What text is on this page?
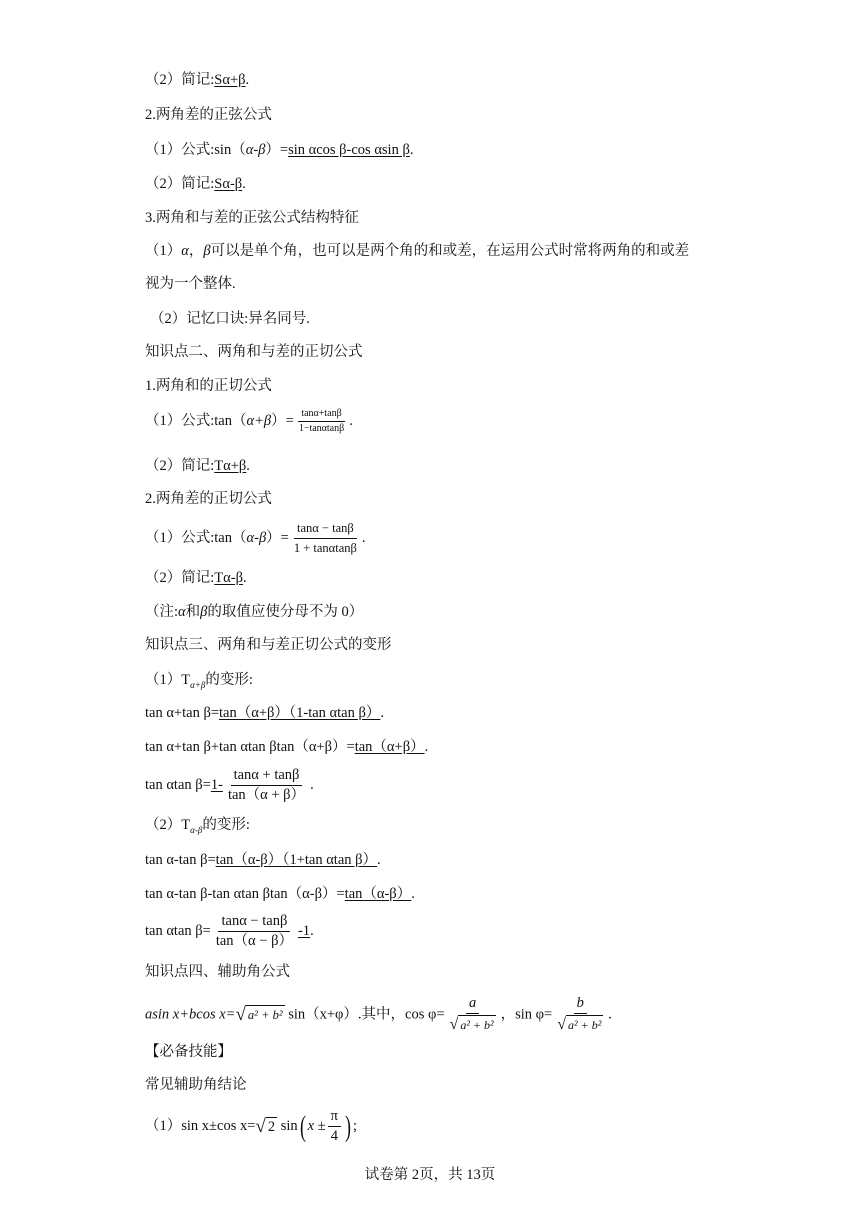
（2）简记:Sα+β.
2.两角差的正弦公式
（1）公式:sin（α-β）=sin αcos β-cos αsin β.
（2）简记:Sα-β.
3.两角和与差的正弦公式结构特征
（1）α，β可以是单个角，也可以是两个角的和或差，在运用公式时常将两角的和或差
视为一个整体.
（2）记忆口诀:异名同号.
知识点二、两角和与差的正切公式
1.两角和的正切公式
（1）公式:tan（α+β）= $\frac{\tan\alpha+\tan\beta}{1-\tan\alpha\tan\beta}$ .
（2）简记:Tα+β.
2.两角差的正切公式
（1）公式:tan（α-β）= $\frac{\tan\alpha - \tan\beta}{1 + \tan\alpha\tan\beta}$ .
（2）简记:Tα-β.
（注:α和β的取值应使分母不为 0）
知识点三、两角和与差正切公式的变形
$(1)T_{\alpha+\beta}$的变形:
tan α+tan β=tan（α+β）（1-tan αtan β）.
tan α+tan β+tan αtan βtan（α+β）=tan（α+β）.
tan αtan $\beta=1- \frac{\tan\alpha + \tan\beta}{\tan(\alpha + \beta)}$ .
$(2)T_{\alpha-\beta}$的变形:
tan α-tan β=tan（α-β）（1+tan αtan β）.
tan α-tan β-tan αtan βtan（α-β）=tan（α-β）.
tan αtan $\beta= \frac{\tan\alpha - \tan\beta}{\tan(\alpha - \beta)} -1$.
知识点四、辅助角公式
asin x+bcos x= √ a² + b² sin（x+φ）.其中，$\cos \varphi= \frac{a}{\text{√ a² + b²}}$ ，$\sin \varphi= \frac{b}{\text{√ a² + b²}}$ .
【必备技能】
常见辅助角结论
（1）sin x±cos x= √ 2 sin( $x \pm \frac{\pi}{4}$ ) ;
试卷第 2页，共 13页
